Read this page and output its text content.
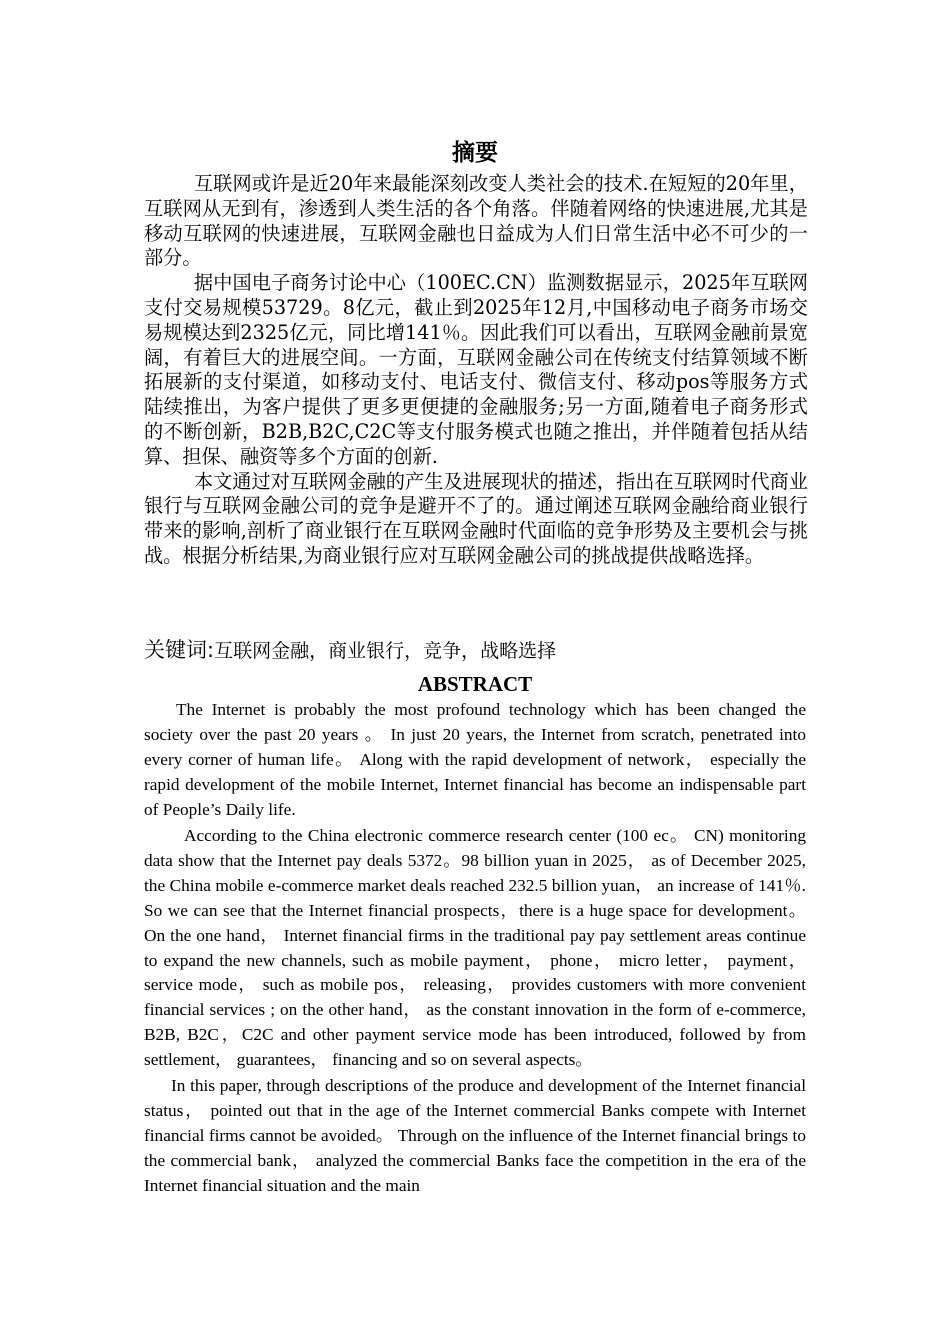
摘要

互联网或许是近20年来最能深刻改变人类社会的技术.在短短的20年里，互联网从无到有，渗透到人类生活的各个角落。伴随着网络的快速进展,尤其是移动互联网的快速进展，互联网金融也日益成为人们日常生活中必不可少的一部分。

据中国电子商务讨论中心（100EC.CN）监测数据显示，2025年互联网支付交易规模53729。8亿元，截止到2025年12月,中国移动电子商务市场交易规模达到2325亿元，同比增141％。因此我们可以看出，互联网金融前景宽阔，有着巨大的进展空间。一方面，互联网金融公司在传统支付结算领域不断拓展新的支付渠道，如移动支付、电话支付、微信支付、移动pos等服务方式陆续推出，为客户提供了更多更便捷的金融服务;另一方面,随着电子商务形式的不断创新，B2B,B2C,C2C等支付服务模式也随之推出，并伴随着包括从结算、担保、融资等多个方面的创新.

本文通过对互联网金融的产生及进展现状的描述，指出在互联网时代商业银行与互联网金融公司的竞争是避开不了的。通过阐述互联网金融给商业银行带来的影响,剖析了商业银行在互联网金融时代面临的竞争形势及主要机会与挑战。根据分析结果,为商业银行应对互联网金融公司的挑战提供战略选择。

关键词:互联网金融，商业银行，竞争，战略选择
ABSTRACT

The Internet is probably the most profound technology which has been changed the society over the past 20 years 。 In just 20 years, the Internet from scratch, penetrated into every corner of human life。 Along with the rapid development of network， especially the rapid development of the mobile Internet, Internet financial has become an indispensable part of People’s Daily life.

According to the China electronic commerce research center (100 ec。 CN) monitoring data show that the Internet pay deals 5372。98 billion yuan in 2025， as of December 2025, the China mobile e-commerce market deals reached 232.5 billion yuan， an increase of 141％. So we can see that the Internet financial prospects，there is a huge space for development。 On the one hand， Internet financial firms in the traditional pay pay settlement areas continue to expand the new channels, such as mobile payment， phone， micro letter， payment， service mode， such as mobile pos， releasing， provides customers with more convenient financial services ; on the other hand， as the constant innovation in the form of e-commerce, B2B, B2C，C2C and other payment service mode has been introduced, followed by from settlement， guarantees， financing and so on several aspects。

In this paper, through descriptions of the produce and development of the Internet financial status， pointed out that in the age of the Internet commercial Banks compete with Internet financial firms cannot be avoided。 Through on the influence of the Internet financial brings to the commercial bank， analyzed the commercial Banks face the competition in the era of the Internet financial situation and the main
